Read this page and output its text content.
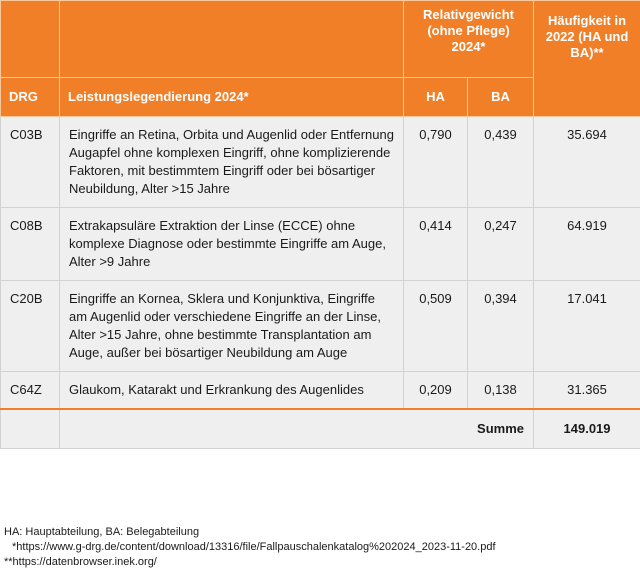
		Relativgewicht (ohne Pflege) 2024*		Häufigkeit in 2022 (HA und BA)**
DRG	Leistungslegendierung 2024*	HA	BA	
C03B	Eingriffe an Retina, Orbita und Augenlid oder Entfernung Augapfel ohne komplexen Eingriff, ohne komplizierende Faktoren, mit bestimmtem Eingriff oder bei bösartiger Neubildung, Alter >15 Jahre	0,790	0,439	35.694
C08B	Extrakapsuläre Extraktion der Linse (ECCE) ohne komplexe Diagnose oder bestimmte Eingriffe am Auge, Alter >9 Jahre	0,414	0,247	64.919
C20B	Eingriffe an Kornea, Sklera und Konjunktiva, Eingriffe am Augenlid oder verschiedene Eingriffe an der Linse, Alter >15 Jahre, ohne bestimmte Transplantation am Auge, außer bei bösartiger Neubildung am Auge	0,509	0,394	17.041
C64Z	Glaukom, Katarakt und Erkrankung des Augenlides	0,209	0,138	31.365
	Summe			149.019
HA: Hauptabteilung, BA: Belegabteilung
*https://www.g-drg.de/content/download/13316/file/Fallpauschalenkatalog%202024_2023-11-20.pdf
**https://datenbrowser.inek.org/
